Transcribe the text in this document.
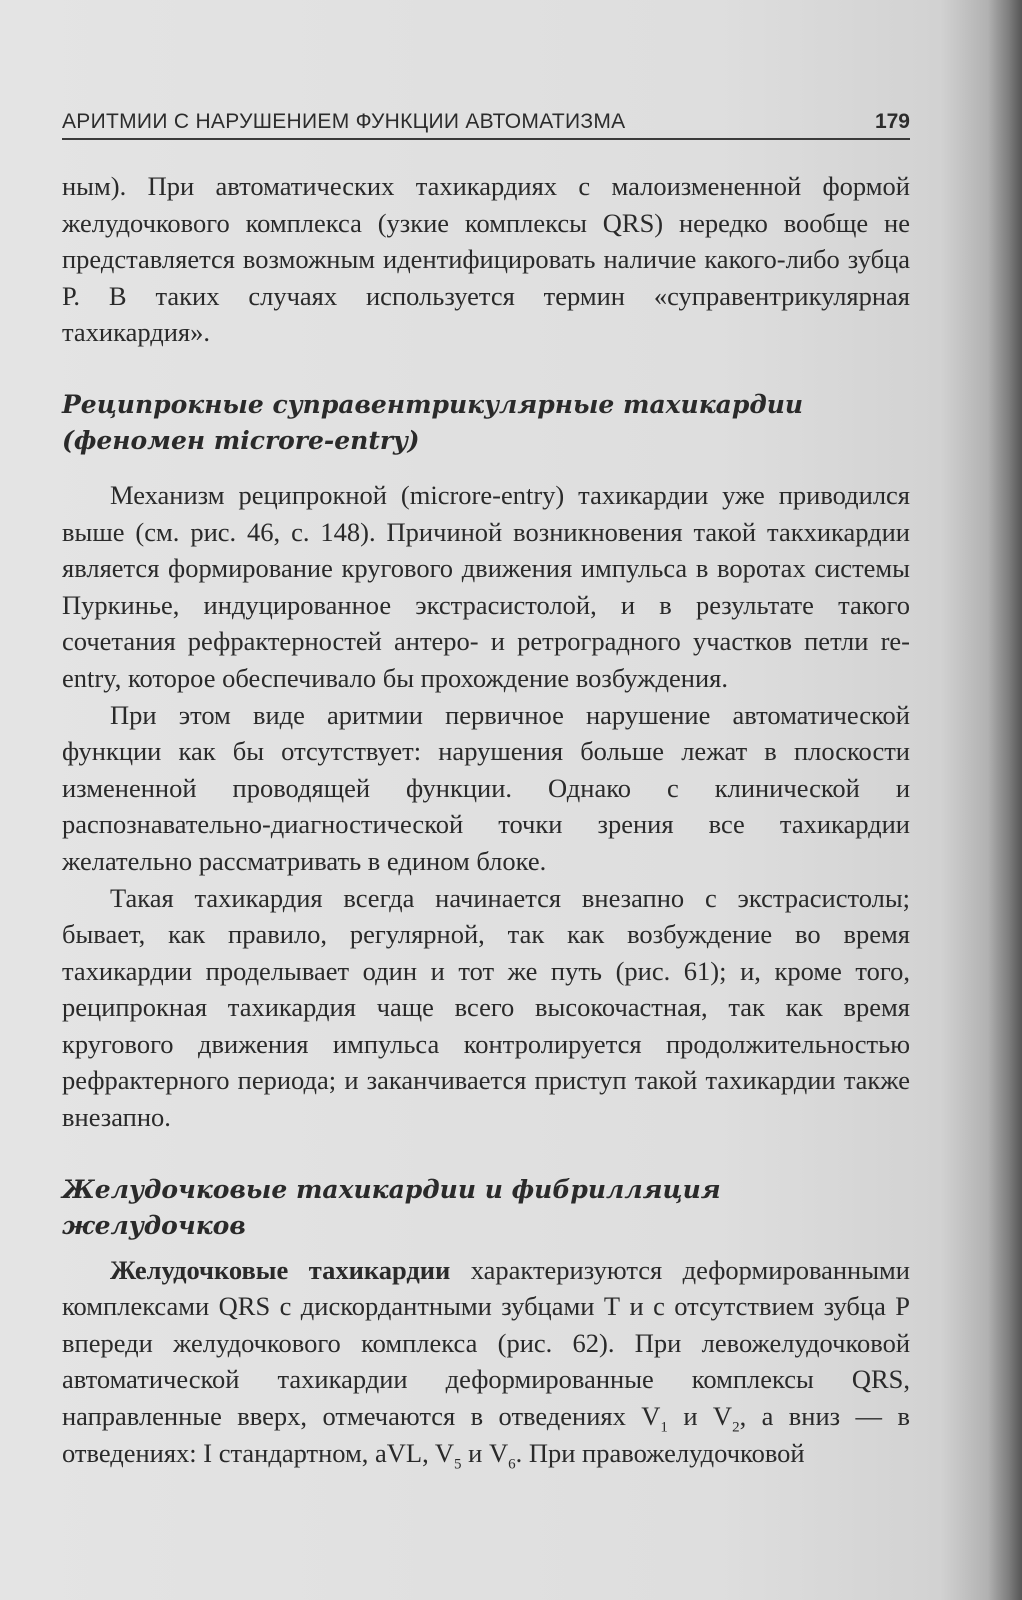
АРИТМИИ С НАРУШЕНИЕМ ФУНКЦИИ АВТОМАТИЗМА	179

ным). При автоматических тахикардиях с малоизмененной формой желудочкового комплекса (узкие комплексы QRS) нередко вообще не представляется возможным идентифицировать наличие какого-либо зубца Р. В таких случаях используется термин «суправентрикулярная тахикардия».

Реципрокные суправентрикулярные тахикардии (феномен micrоre-entry)

Механизм реципрокной (micrоre-entry) тахикардии уже приводился выше (см. рис. 46, с. 148). Причиной возникновения такой такхикардии является формирование кругового движения импульса в воротах системы Пуркинье, индуцированное экстрасистолой, и в результате такого сочетания рефрактерностей антеро- и ретроградного участков петли re-entry, которое обеспечивало бы прохождение возбуждения.

При этом виде аритмии первичное нарушение автоматической функции как бы отсутствует: нарушения больше лежат в плоскости измененной проводящей функции. Однако с клинической и распознавательно-диагностической точки зрения все тахикардии желательно рассматривать в едином блоке.

Такая тахикардия всегда начинается внезапно с экстрасистолы; бывает, как правило, регулярной, так как возбуждение во время тахикардии проделывает один и тот же путь (рис. 61); и, кроме того, реципрокная тахикардия чаще всего высокочастная, так как время кругового движения импульса контролируется продолжительностью рефрактерного периода; и заканчивается приступ такой тахикардии также внезапно.

Желудочковые тахикардии и фибрилляция желудочков

Желудочковые тахикардии характеризуются деформированными комплексами QRS с дискордантными зубцами Т и с отсутствием зубца Р впереди желудочкового комплекса (рис. 62). При левожелудочковой автоматической тахикардии деформированные комплексы QRS, направленные вверх, отмечаются в отведениях $V_1$ и $V_2$, а вниз — в отведениях: I стандартном, aVL, $V_5$ и $V_6$. При правожелудочковой
